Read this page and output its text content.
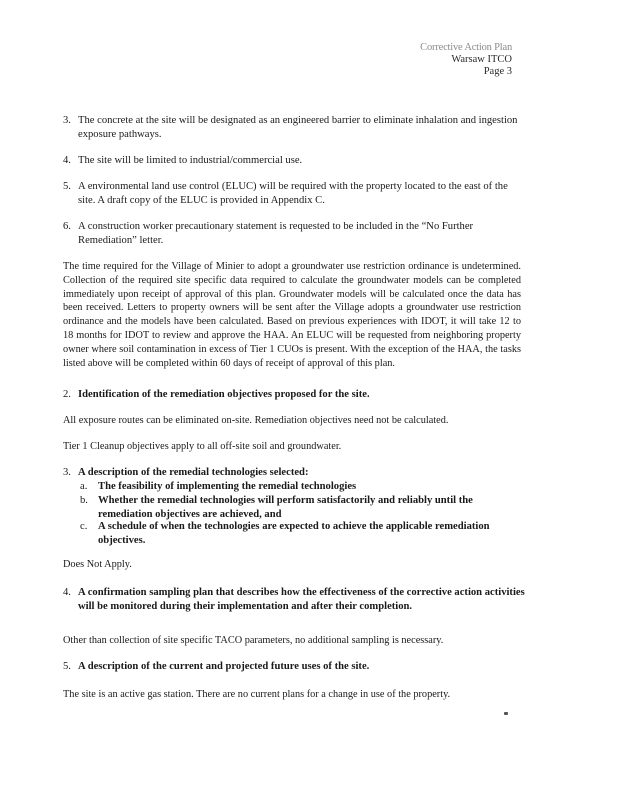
Corrective Action Plan
Warsaw ITCO
Page 3
3. The concrete at the site will be designated as an engineered barrier to eliminate inhalation and ingestion exposure pathways.
4. The site will be limited to industrial/commercial use.
5. A environmental land use control (ELUC) will be required with the property located to the east of the site. A draft copy of the ELUC is provided in Appendix C.
6. A construction worker precautionary statement is requested to be included in the “No Further Remediation” letter.
The time required for the Village of Minier to adopt a groundwater use restriction ordinance is undetermined. Collection of the required site specific data required to calculate the groundwater models can be completed immediately upon receipt of approval of this plan. Groundwater models will be calculated once the data has been received. Letters to property owners will be sent after the Village adopts a groundwater use restriction ordinance and the models have been calculated. Based on previous experiences with IDOT, it will take 12 to 18 months for IDOT to review and approve the HAA. An ELUC will be requested from neighboring property owner where soil contamination in excess of Tier 1 CUOs is present. With the exception of the HAA, the tasks listed above will be completed within 60 days of receipt of approval of this plan.
2. Identification of the remediation objectives proposed for the site.
All exposure routes can be eliminated on-site. Remediation objectives need not be calculated.
Tier 1 Cleanup objectives apply to all off-site soil and groundwater.
3. A description of the remedial technologies selected:
a. The feasibility of implementing the remedial technologies
b. Whether the remedial technologies will perform satisfactorily and reliably until the remediation objectives are achieved, and
c. A schedule of when the technologies are expected to achieve the applicable remediation objectives.
Does Not Apply.
4. A confirmation sampling plan that describes how the effectiveness of the corrective action activities will be monitored during their implementation and after their completion.
Other than collection of site specific TACO parameters, no additional sampling is necessary.
5. A description of the current and projected future uses of the site.
The site is an active gas station. There are no current plans for a change in use of the property.
